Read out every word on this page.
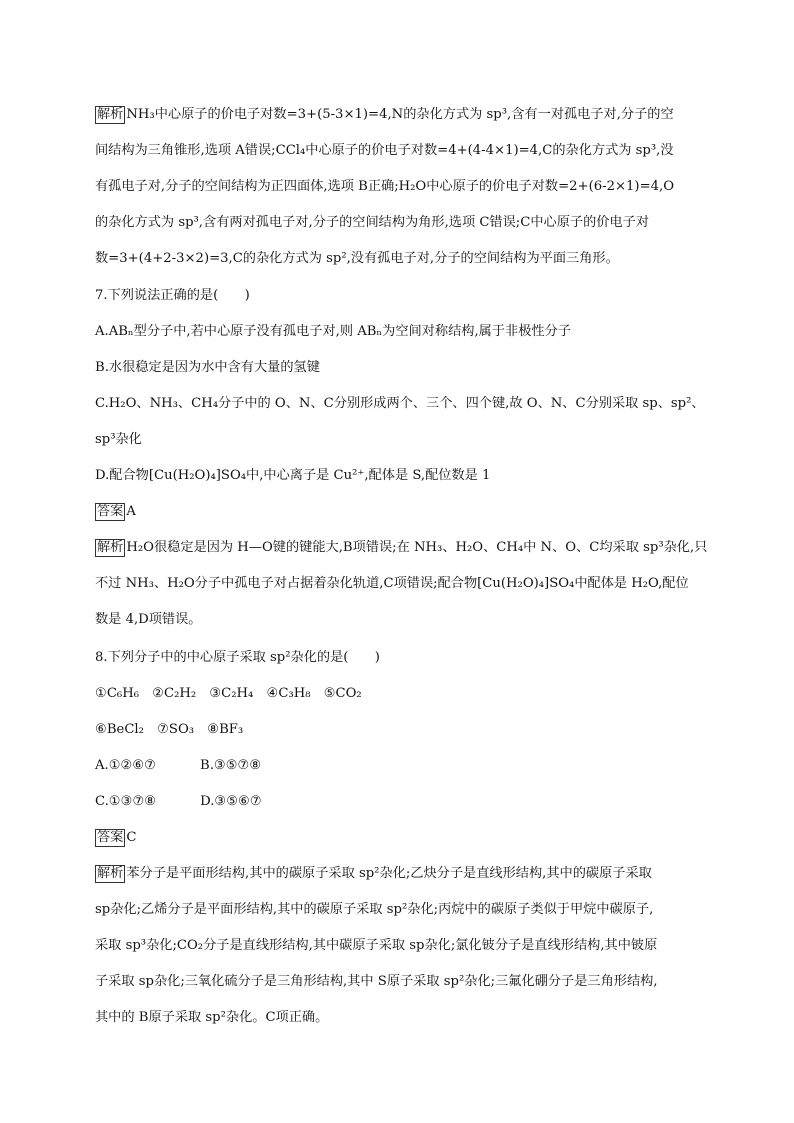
解析 NH₃中心原子的价电子对数=3+(5-3×1)=4,N的杂化方式为 sp³,含有一对孤电子对,分子的空
间结构为三角锥形,选项 A错误;CCl₄中心原子的价电子对数=4+(4-4×1)=4,C的杂化方式为 sp³,没
有孤电子对,分子的空间结构为正四面体,选项 B正确;H₂O中心原子的价电子对数=2+(6-2×1)=4,O
的杂化方式为 sp³,含有两对孤电子对,分子的空间结构为角形,选项 C错误;C中心原子的价电子对
数=3+(4+2-3×2)=3,C的杂化方式为 sp²,没有孤电子对,分子的空间结构为平面三角形。
7.下列说法正确的是(　　)
A.ABₙ型分子中,若中心原子没有孤电子对,则 ABₙ为空间对称结构,属于非极性分子
B.水很稳定是因为水中含有大量的氢键
C.H₂O、NH₃、CH₄分子中的 O、N、C分别形成两个、三个、四个键,故 O、N、C分别采取 sp、sp²、
sp³杂化
D.配合物[Cu(H₂O)₄]SO₄中,中心离子是 Cu²⁺,配体是 S,配位数是 1
答案 A
解析 H₂O很稳定是因为 H—O键的键能大,B项错误;在 NH₃、H₂O、CH₄中 N、O、C均采取 sp³杂化,只
不过 NH₃、H₂O分子中孤电子对占据着杂化轨道,C项错误;配合物[Cu(H₂O)₄]SO₄中配体是 H₂O,配位
数是 4,D项错误。
8.下列分子中的中心原子采取 sp²杂化的是(　　)
①C₆H₆　②C₂H₂　③C₂H₄　④C₃H₈　⑤CO₂
⑥BeCl₂　⑦SO₃　⑧BF₃
A.①②⑥⑦	B.③⑤⑦⑧
C.①③⑦⑧	D.③⑤⑥⑦
答案 C
解析 苯分子是平面形结构,其中的碳原子采取 sp²杂化;乙炔分子是直线形结构,其中的碳原子采取
sp杂化;乙烯分子是平面形结构,其中的碳原子采取 sp²杂化;丙烷中的碳原子类似于甲烷中碳原子,
采取 sp³杂化;CO₂分子是直线形结构,其中碳原子采取 sp杂化;氯化铍分子是直线形结构,其中铍原
子采取 sp杂化;三氧化硫分子是三角形结构,其中 S原子采取 sp²杂化;三氟化硼分子是三角形结构,
其中的 B原子采取 sp²杂化。C项正确。
